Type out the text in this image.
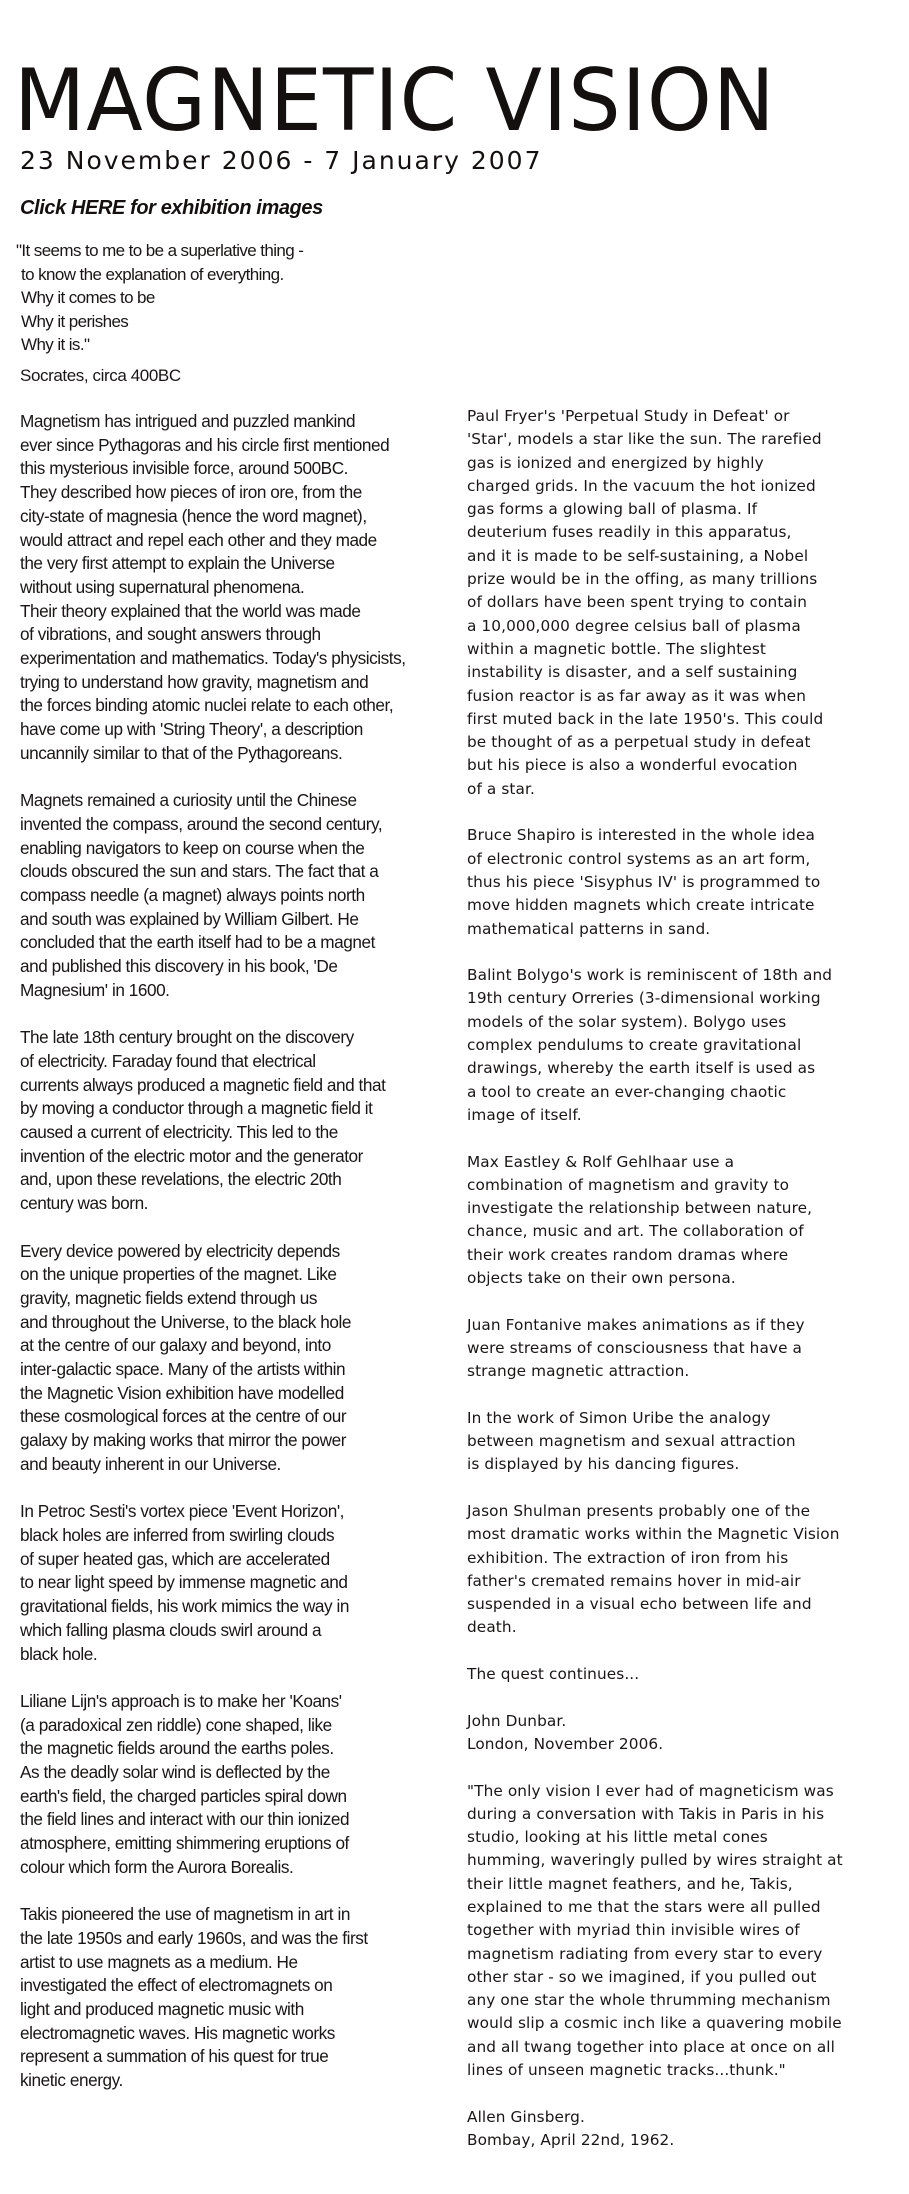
MAGNETIC VISION
23 November 2006 - 7 January 2007
Click HERE for exhibition images
"It seems to me to be a superlative thing -
to know the explanation of everything.
Why it comes to be
Why it perishes
Why it is."
Socrates, circa 400BC

Magnetism has intrigued and puzzled mankind
ever since Pythagoras and his circle first mentioned
this mysterious invisible force, around 500BC.
They described how pieces of iron ore, from the
city-state of magnesia (hence the word magnet),
would attract and repel each other and they made
the very first attempt to explain the Universe
without using supernatural phenomena.
Their theory explained that the world was made
of vibrations, and sought answers through
experimentation and mathematics. Today's physicists,
trying to understand how gravity, magnetism and
the forces binding atomic nuclei relate to each other,
have come up with 'String Theory', a description
uncannily similar to that of the Pythagoreans.

Magnets remained a curiosity until the Chinese
invented the compass, around the second century,
enabling navigators to keep on course when the
clouds obscured the sun and stars. The fact that a
compass needle (a magnet) always points north
and south was explained by William Gilbert. He
concluded that the earth itself had to be a magnet
and published this discovery in his book, 'De
Magnesium' in 1600.

The late 18th century brought on the discovery
of electricity. Faraday found that electrical
currents always produced a magnetic field and that
by moving a conductor through a magnetic field it
caused a current of electricity. This led to the
invention of the electric motor and the generator
and, upon these revelations, the electric 20th
century was born.

Every device powered by electricity depends
on the unique properties of the magnet. Like
gravity, magnetic fields extend through us
and throughout the Universe, to the black hole
at the centre of our galaxy and beyond, into
inter-galactic space. Many of the artists within
the Magnetic Vision exhibition have modelled
these cosmological forces at the centre of our
galaxy by making works that mirror the power
and beauty inherent in our Universe.

In Petroc Sesti's vortex piece 'Event Horizon',
black holes are inferred from swirling clouds
of super heated gas, which are accelerated
to near light speed by immense magnetic and
gravitational fields, his work mimics the way in
which falling plasma clouds swirl around a
black hole.

Liliane Lijn's approach is to make her 'Koans'
(a paradoxical zen riddle) cone shaped, like
the magnetic fields around the earths poles.
As the deadly solar wind is deflected by the
earth's field, the charged particles spiral down
the field lines and interact with our thin ionized
atmosphere, emitting shimmering eruptions of
colour which form the Aurora Borealis.

Takis pioneered the use of magnetism in art in
the late 1950s and early 1960s, and was the first
artist to use magnets as a medium. He
investigated the effect of electromagnets on
light and produced magnetic music with
electromagnetic waves. His magnetic works
represent a summation of his quest for true
kinetic energy.

Paul Fryer's 'Perpetual Study in Defeat' or
'Star', models a star like the sun. The rarefied
gas is ionized and energized by highly
charged grids. In the vacuum the hot ionized
gas forms a glowing ball of plasma. If
deuterium fuses readily in this apparatus,
and it is made to be self-sustaining, a Nobel
prize would be in the offing, as many trillions
of dollars have been spent trying to contain
a 10,000,000 degree celsius ball of plasma
within a magnetic bottle. The slightest
instability is disaster, and a self sustaining
fusion reactor is as far away as it was when
first muted back in the late 1950's. This could
be thought of as a perpetual study in defeat
but his piece is also a wonderful evocation
of a star.

Bruce Shapiro is interested in the whole idea
of electronic control systems as an art form,
thus his piece 'Sisyphus IV' is programmed to
move hidden magnets which create intricate
mathematical patterns in sand.

Balint Bolygo's work is reminiscent of 18th and
19th century Orreries (3-dimensional working
models of the solar system). Bolygo uses
complex pendulums to create gravitational
drawings, whereby the earth itself is used as
a tool to create an ever-changing chaotic
image of itself.

Max Eastley & Rolf Gehlhaar use a
combination of magnetism and gravity to
investigate the relationship between nature,
chance, music and art. The collaboration of
their work creates random dramas where
objects take on their own persona.

Juan Fontanive makes animations as if they
were streams of consciousness that have a
strange magnetic attraction.

In the work of Simon Uribe the analogy
between magnetism and sexual attraction
is displayed by his dancing figures.

Jason Shulman presents probably one of the
most dramatic works within the Magnetic Vision
exhibition. The extraction of iron from his
father's cremated remains hover in mid-air
suspended in a visual echo between life and
death.

The quest continues...

John Dunbar.
London, November 2006.

"The only vision I ever had of magneticism was
during a conversation with Takis in Paris in his
studio, looking at his little metal cones
humming, waveringly pulled by wires straight at
their little magnet feathers, and he, Takis,
explained to me that the stars were all pulled
together with myriad thin invisible wires of
magnetism radiating from every star to every
other star - so we imagined, if you pulled out
any one star the whole thrumming mechanism
would slip a cosmic inch like a quavering mobile
and all twang together into place at once on all
lines of unseen magnetic tracks...thunk."

Allen Ginsberg.
Bombay, April 22nd, 1962.
